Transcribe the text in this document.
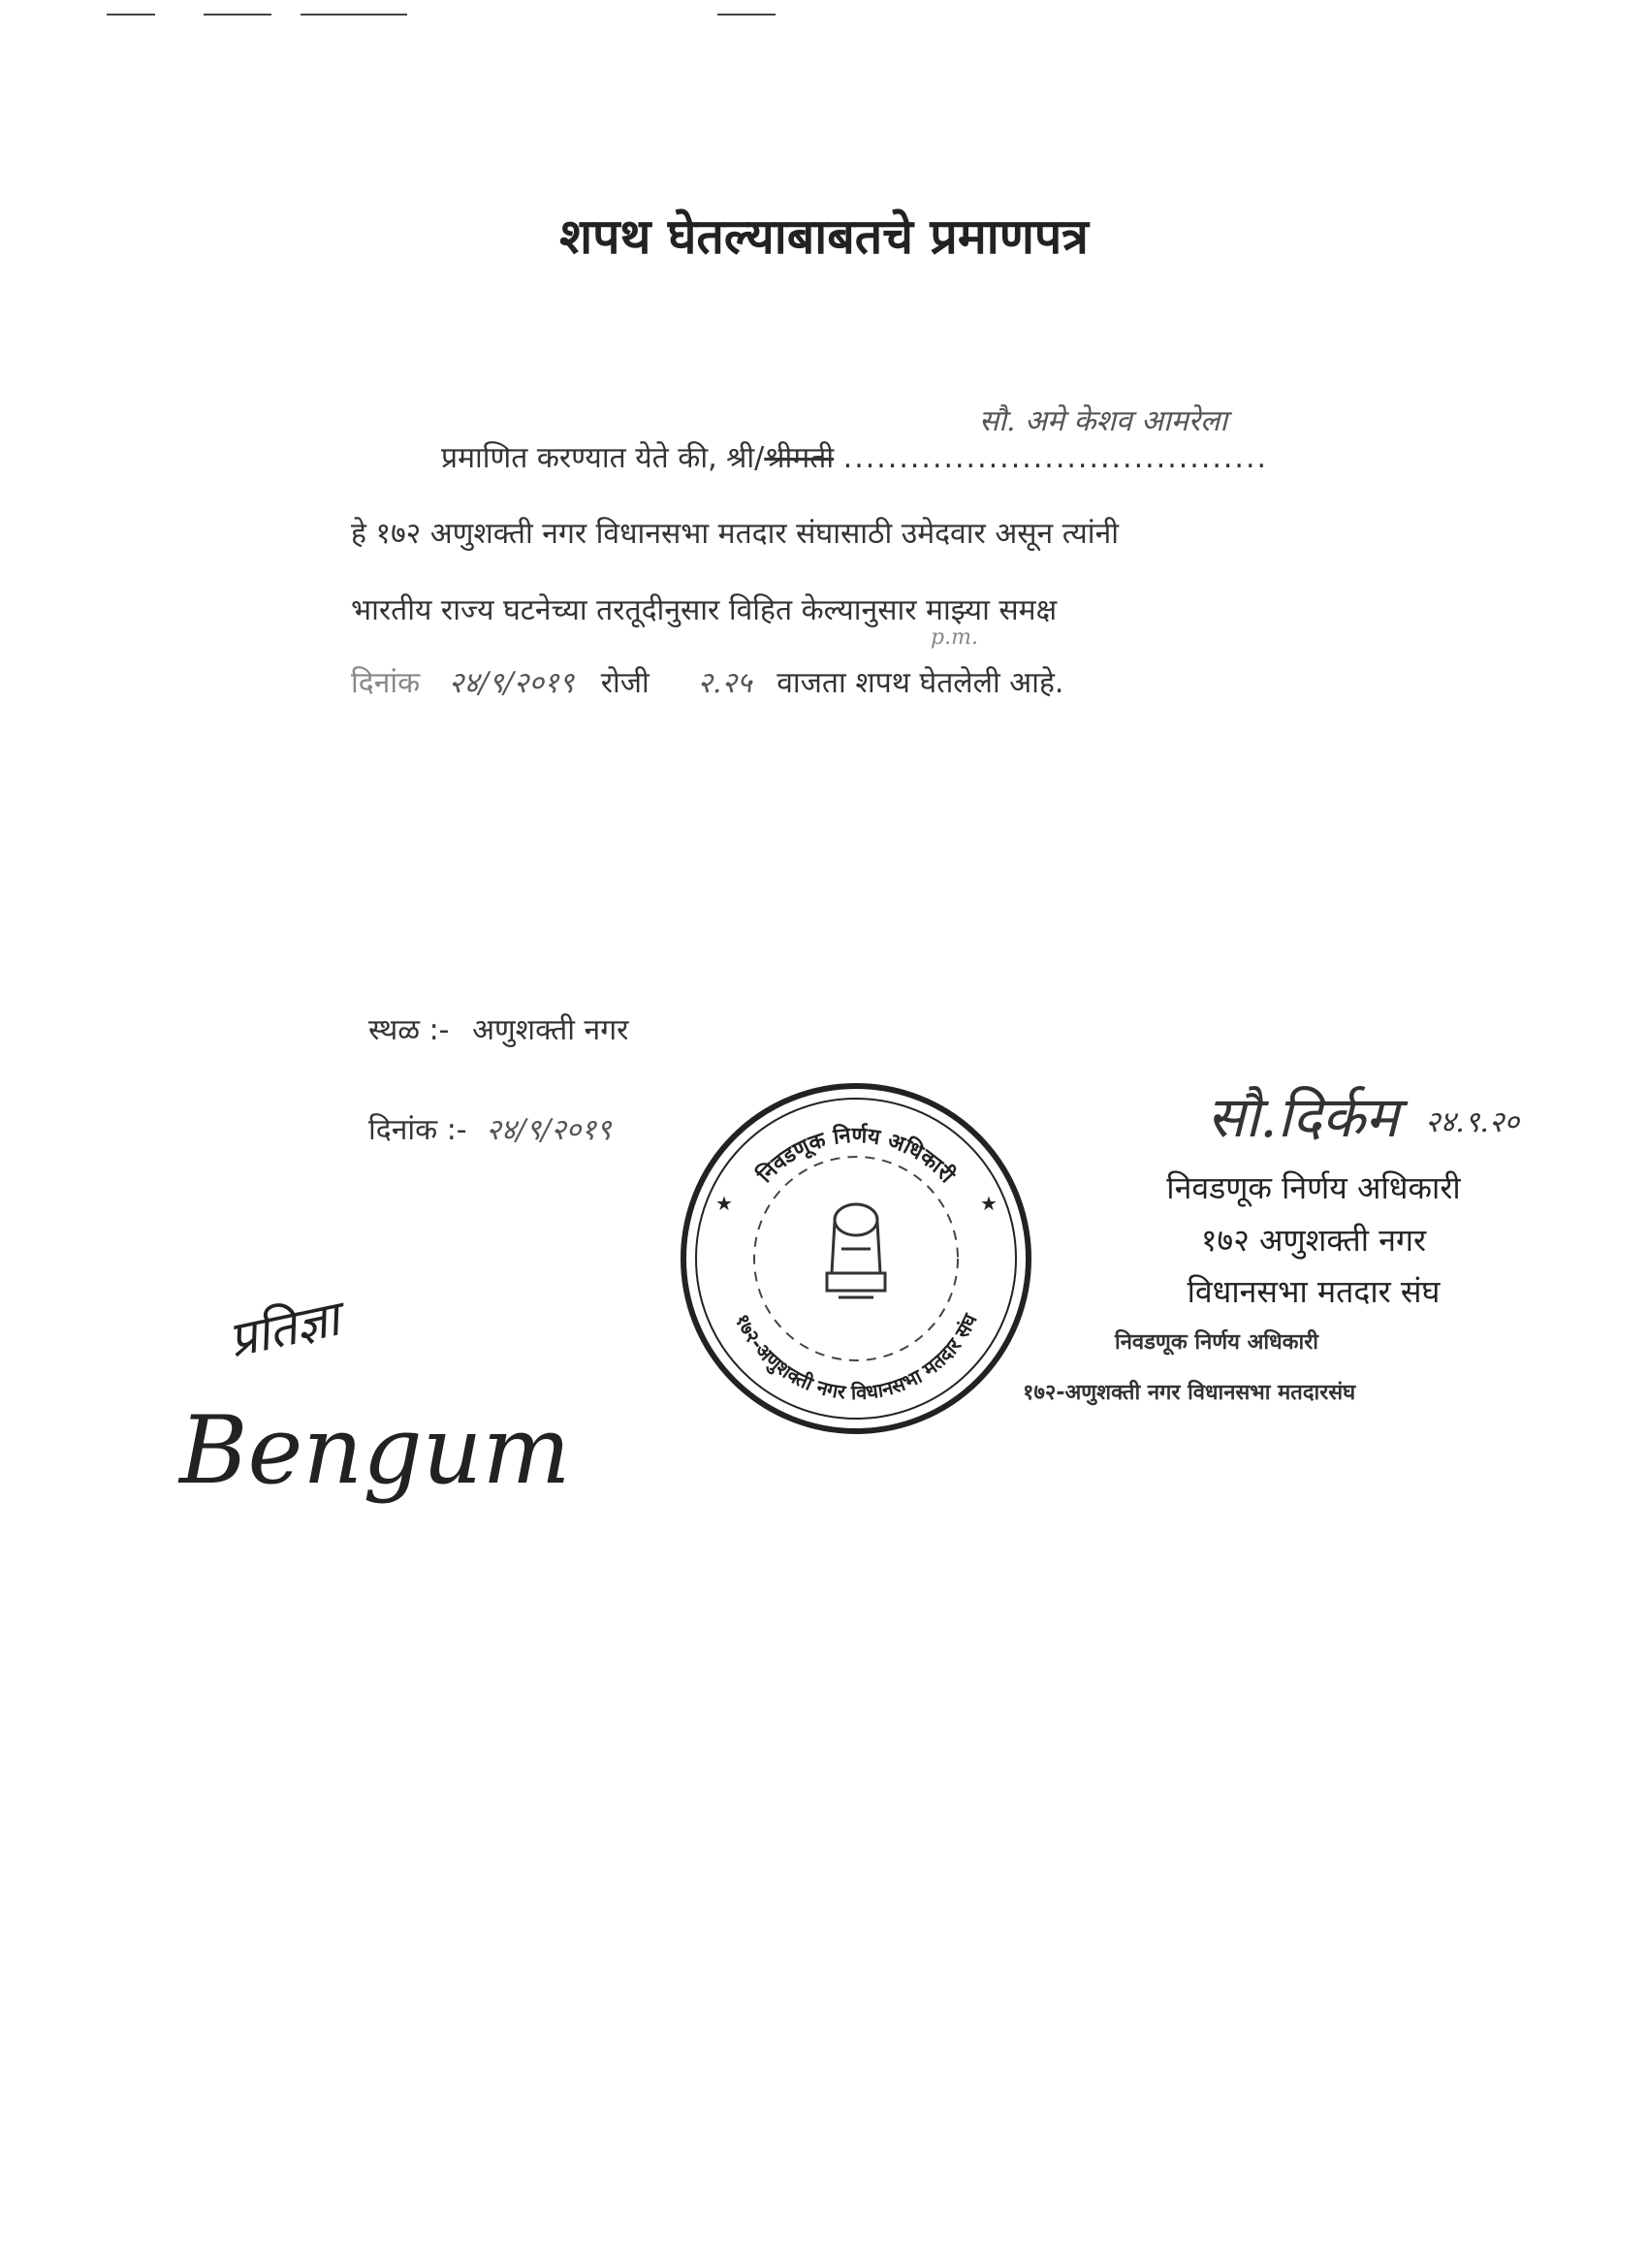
शपथ घेतल्याबाबतचे प्रमाणपत्र
प्रमाणित करण्यात येते की, श्री/श्रीमती ......................................
सौ. अमे केशव आमरेला
हे १७२ अणुशक्ती नगर विधानसभा मतदार संघासाठी उमेदवार असून त्यांनी
भारतीय राज्य घटनेच्या तरतूदीनुसार विहित केल्यानुसार माझ्या समक्ष
p.m.
दिनांक २४/९/२०१९ रोजी २.२५ वाजता शपथ घेतलेली आहे.
स्थळ :- अणुशक्ती नगर
दिनांक :- २४/९/२०१९
निवडणूक निर्णय अधिकारी
१७२-अणुशक्ती नगर विधानसभा मतदार संघ
★	★
सौ.दिर्कम २४.९.२०
निवडणूक निर्णय अधिकारी
१७२ अणुशक्ती नगर
विधानसभा मतदार संघ
निवडणूक निर्णय अधिकारी
१७२-अणुशक्ती नगर विधानसभा मतदारसंघ
प्रतिज्ञा
Bengum
